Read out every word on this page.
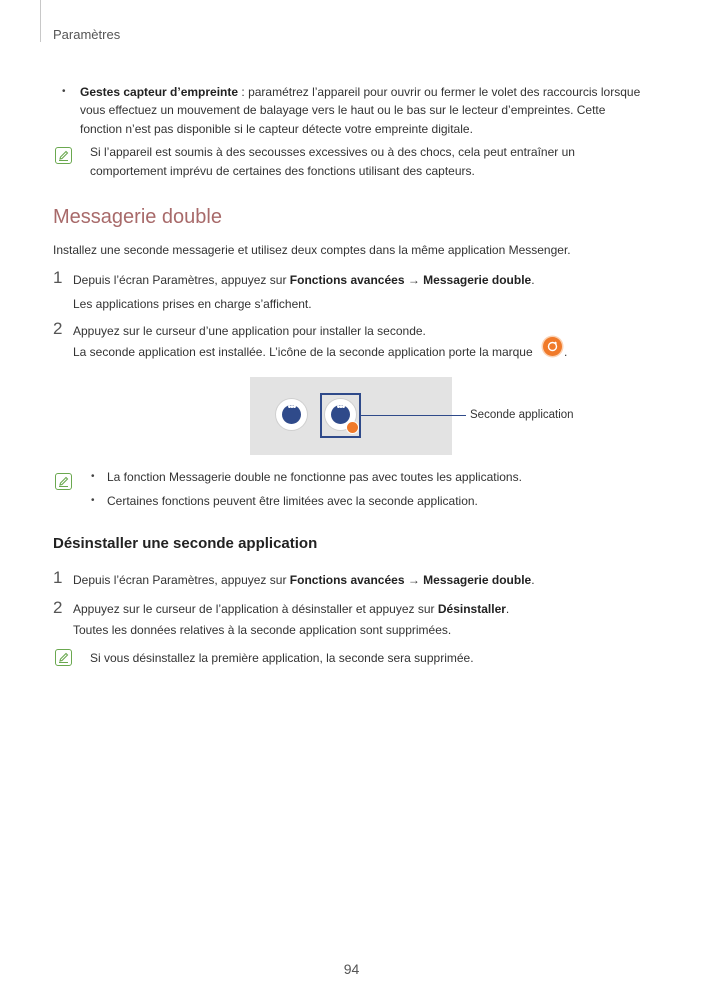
Paramètres
• Gestes capteur d’empreinte : paramétrez l’appareil pour ouvrir ou fermer le volet des raccourcis lorsque
vous effectuez un mouvement de balayage vers le haut ou le bas sur le lecteur d’empreintes. Cette
fonction n’est pas disponible si le capteur détecte votre empreinte digitale.
Si l’appareil est soumis à des secousses excessives ou à des chocs, cela peut entraîner un
comportement imprévu de certaines des fonctions utilisant des capteurs.
Messagerie double
Installez une seconde messagerie et utilisez deux comptes dans la même application Messenger.
1 Depuis l’écran Paramètres, appuyez sur Fonctions avancées → Messagerie double.
Les applications prises en charge s’affichent.
2 Appuyez sur le curseur d’une application pour installer la seconde.
La seconde application est installée. L’icône de la seconde application porte la marque	.
•••	•••
Seconde application
• La fonction Messagerie double ne fonctionne pas avec toutes les applications.
• Certaines fonctions peuvent être limitées avec la seconde application.
Désinstaller une seconde application
1 Depuis l’écran Paramètres, appuyez sur Fonctions avancées → Messagerie double.
2 Appuyez sur le curseur de l’application à désinstaller et appuyez sur Désinstaller.
Toutes les données relatives à la seconde application sont supprimées.
Si vous désinstallez la première application, la seconde sera supprimée.
94
